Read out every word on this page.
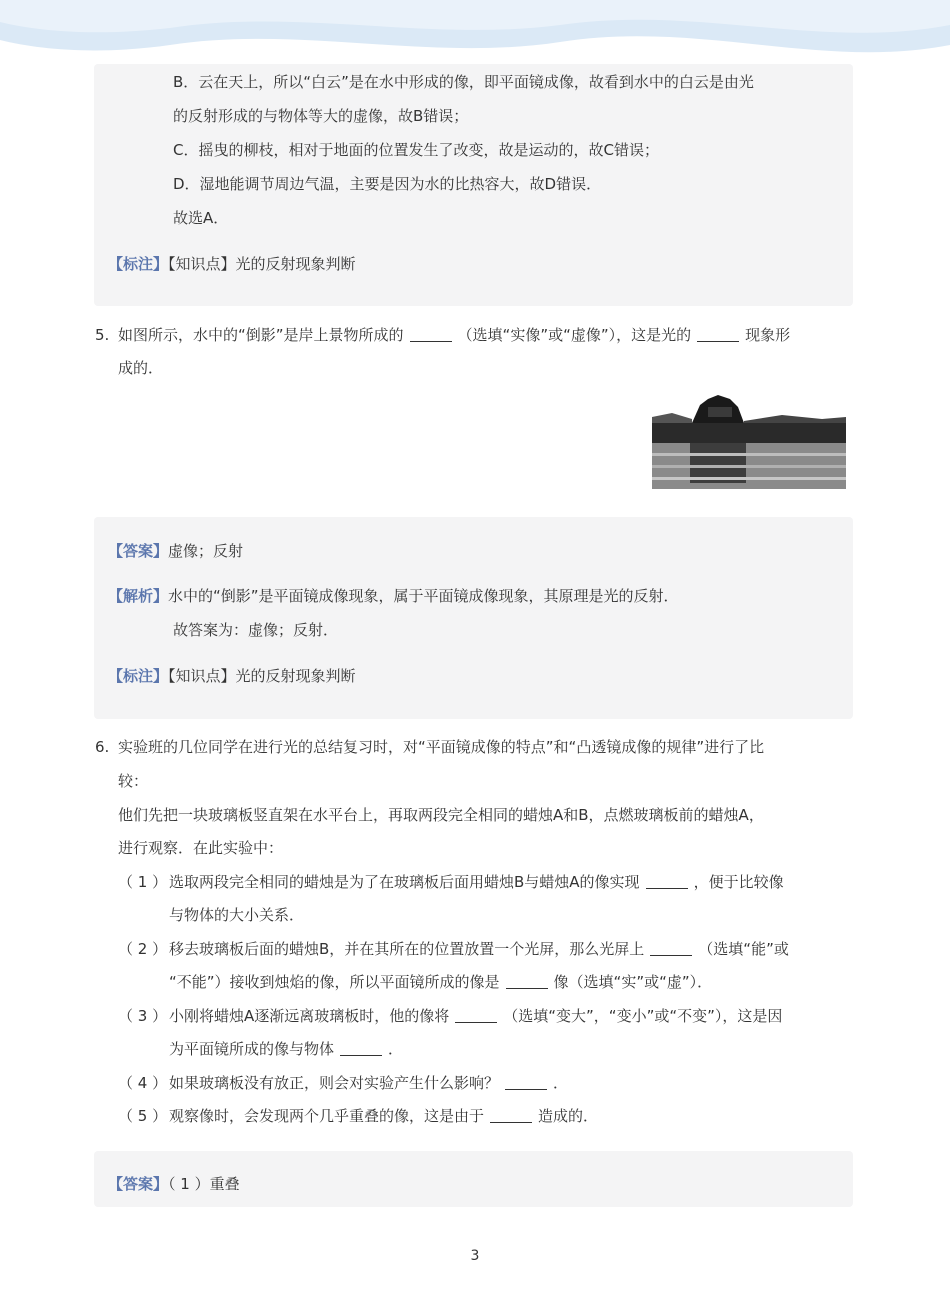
B．云在天上，所以“白云”是在水中形成的像，即平面镜成像，故看到水中的白云是由光
的反射形成的与物体等大的虚像，故B错误；
C．摇曳的柳枝，相对于地面的位置发生了改变，故是运动的，故C错误；
D．湿地能调节周边气温，主要是因为水的比热容大，故D错误．
故选A．
【标注】【知识点】光的反射现象判断
5. 如图所示，水中的“倒影”是岸上景物所成的	（选填“实像”或“虚像”），这是光的	现象形
成的．
【答案】虚像；反射
【解析】水中的“倒影”是平面镜成像现象，属于平面镜成像现象，其原理是光的反射．
故答案为：虚像；反射．
【标注】【知识点】光的反射现象判断
6. 实验班的几位同学在进行光的总结复习时，对“平面镜成像的特点”和“凸透镜成像的规律”进行了比
较：
他们先把一块玻璃板竖直架在水平台上，再取两段完全相同的蜡烛A和B，点燃玻璃板前的蜡烛A，
进行观察．在此实验中：
（ 1 ） 选取两段完全相同的蜡烛是为了在玻璃板后面用蜡烛B与蜡烛A的像实现	，便于比较像
与物体的大小关系．
（ 2 ） 移去玻璃板后面的蜡烛B，并在其所在的位置放置一个光屏，那么光屏上	（选填“能”或
“不能”）接收到烛焰的像，所以平面镜所成的像是	像（选填“实”或“虚”）．
（ 3 ） 小刚将蜡烛A逐渐远离玻璃板时，他的像将	（选填“变大”，“变小”或“不变”），这是因
为平面镜所成的像与物体	．
（ 4 ） 如果玻璃板没有放正，则会对实验产生什么影响？	．
（ 5 ） 观察像时，会发现两个几乎重叠的像，这是由于	造成的．
【答案】（ 1 ）重叠
3
